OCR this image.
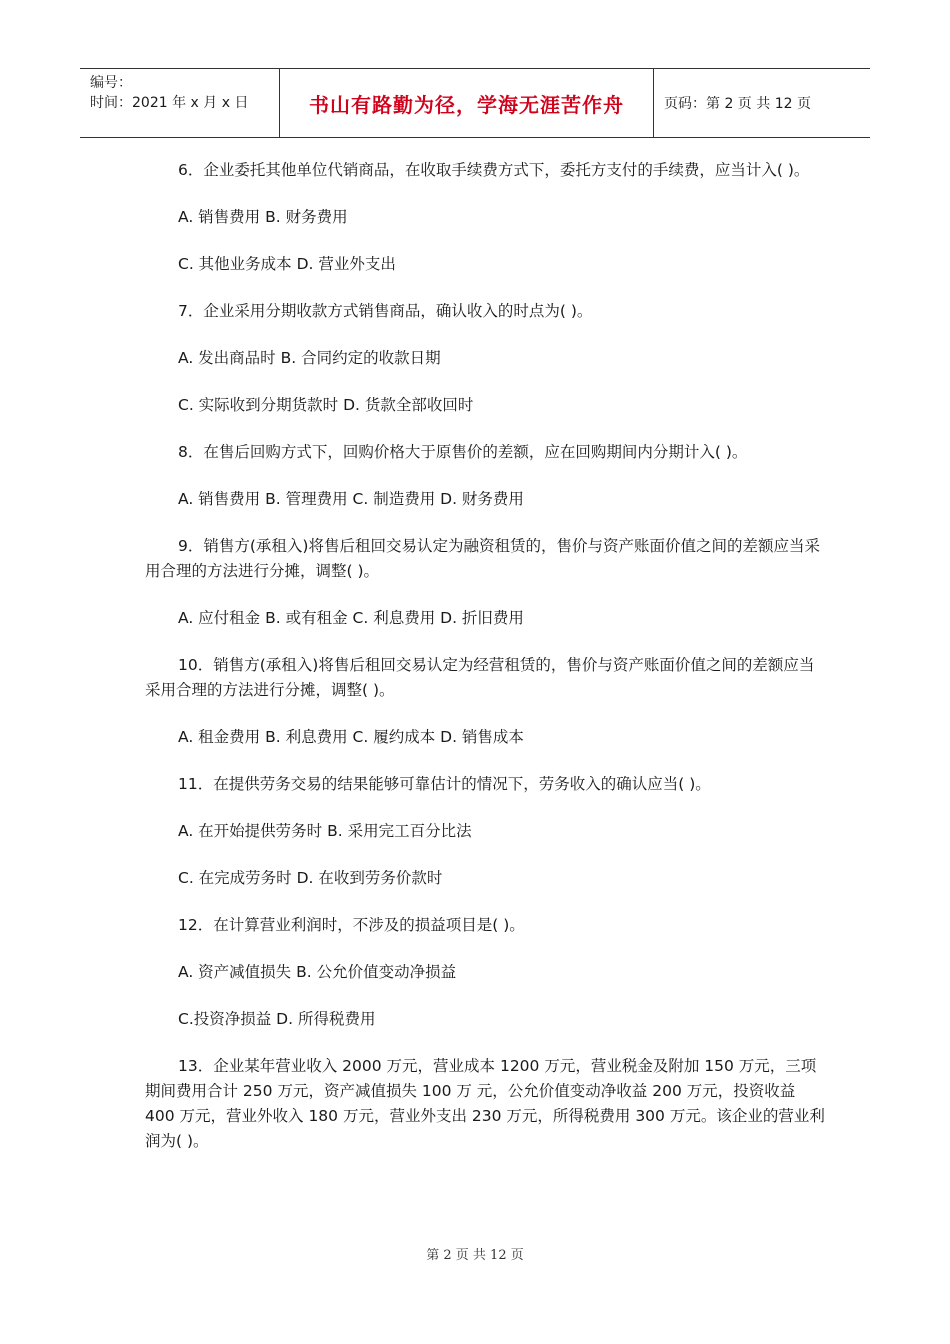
编号：
时间：2021 年 x 月 x 日	书山有路勤为径，学海无涯苦作舟	页码：第 2 页 共 12 页

6．企业委托其他单位代销商品，在收取手续费方式下，委托方支付的手续费，应当计入( )。

A. 销售费用 B. 财务费用

C. 其他业务成本 D. 营业外支出

7．企业采用分期收款方式销售商品，确认收入的时点为( )。

A. 发出商品时 B. 合同约定的收款日期

C. 实际收到分期货款时 D. 货款全部收回时

8．在售后回购方式下，回购价格大于原售价的差额，应在回购期间内分期计入( )。

A. 销售费用 B. 管理费用 C. 制造费用 D. 财务费用

9．销售方(承租入)将售后租回交易认定为融资租赁的，售价与资产账面价值之间的差额应当采用合理的方法进行分摊，调整( )。

A. 应付租金 B. 或有租金 C. 利息费用 D. 折旧费用

10．销售方(承租入)将售后租回交易认定为经营租赁的，售价与资产账面价值之间的差额应当采用合理的方法进行分摊，调整( )。

A. 租金费用 B. 利息费用 C. 履约成本 D. 销售成本

11．在提供劳务交易的结果能够可靠估计的情况下，劳务收入的确认应当( )。

A. 在开始提供劳务时 B. 采用完工百分比法

C. 在完成劳务时 D. 在收到劳务价款时

12．在计算营业利润时，不涉及的损益项目是( )。

A. 资产减值损失 B. 公允价值变动净损益

C.投资净损益 D. 所得税费用

13．企业某年营业收入 2000 万元，营业成本 1200 万元，营业税金及附加 150 万元，三项期间费用合计 250 万元，资产减值损失 100 万 元，公允价值变动净收益 200 万元，投资收益 400 万元，营业外收入 180 万元，营业外支出 230 万元，所得税费用 300 万元。该企业的营业利润为( )。

第 2 页 共 12 页
